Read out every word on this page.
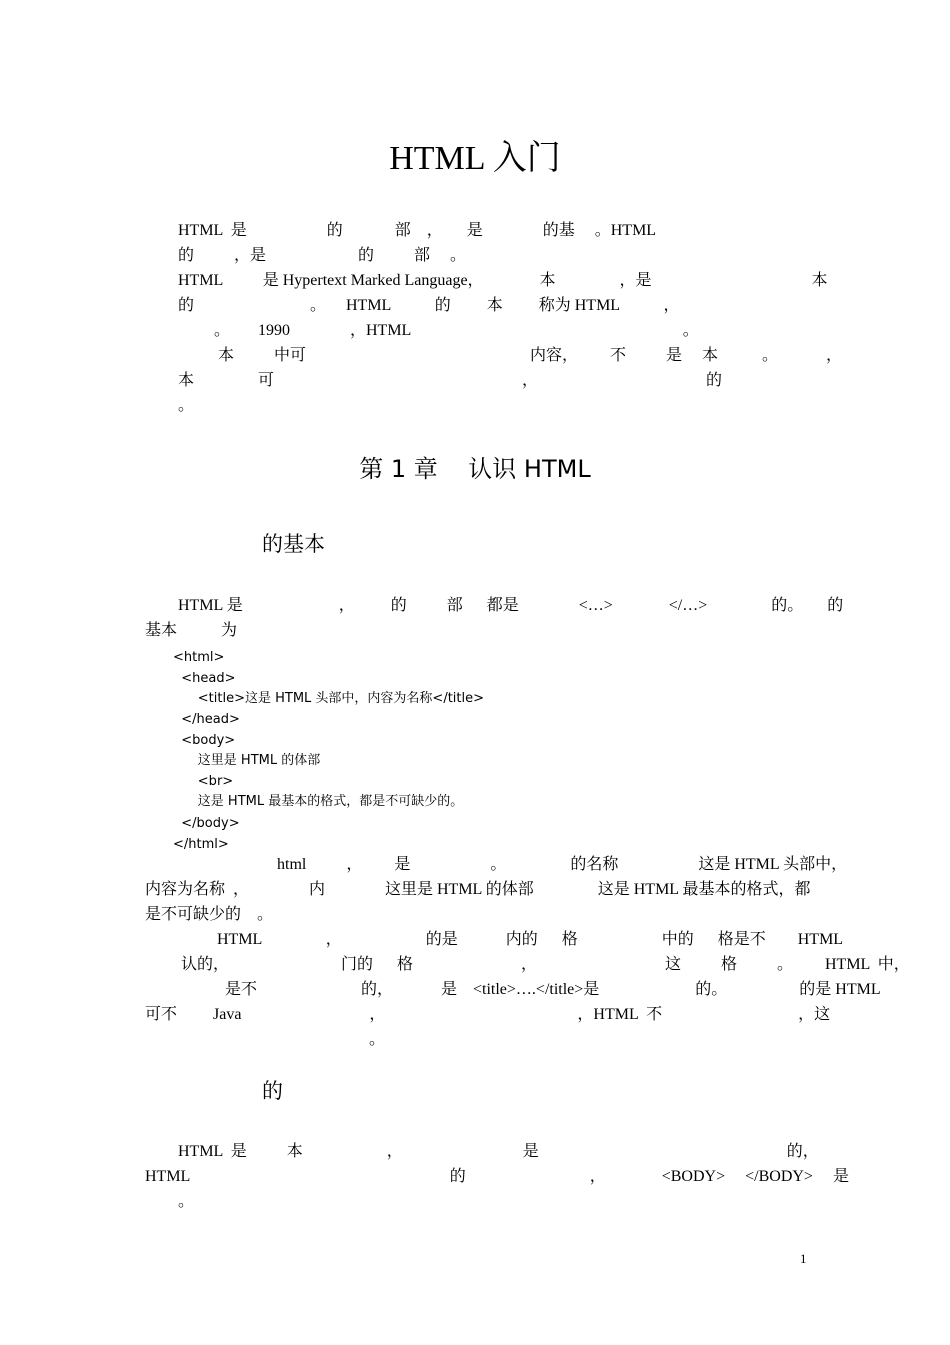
HTML 入门
HTML  是                    的             部    ，      是               的基     。HTML
的          ，是                       的          部     。
HTML          是 Hypertext Marked Language，              本                ，是                                        本
的                             。     HTML           的         本         称为 HTML           ，
。       1990               ，HTML                                                                    。
本          中可                                                        内容，        不          是     本           。            ，
本                可                                                              ，                                          的
。
第 1 章    认识 HTML
的基本
HTML 是                        ，         的          部      都是               <…>              </…>                的。      的
基本           为
<html>
<head>
<title>这是 HTML 头部中，内容为名称</title>
</head>
<body>
这里是 HTML 的体部
<br>
这是 HTML 最基本的格式，都是不可缺少的。
</body>
</html>
html          ，        是                    。                的名称                    这是 HTML 头部中，
内容为名称  ，               内               这里是 HTML 的体部                这是 HTML 最基本的格式，都
是不可缺少的    。
HTML                ，                     的是            内的      格                     中的      格是不        HTML
认的，                            门的      格                           ，                                这          格          。        HTML  中，
是不                          的，            是    <title>….</title>是                        的。                  的是 HTML
可不         Java                                ，                                                ，HTML  不                                  ，这
。
的
HTML  是          本                     ，                              是                                                              的，
HTML                                                                 的                               ，              <BODY>     </BODY>     是
。
1
